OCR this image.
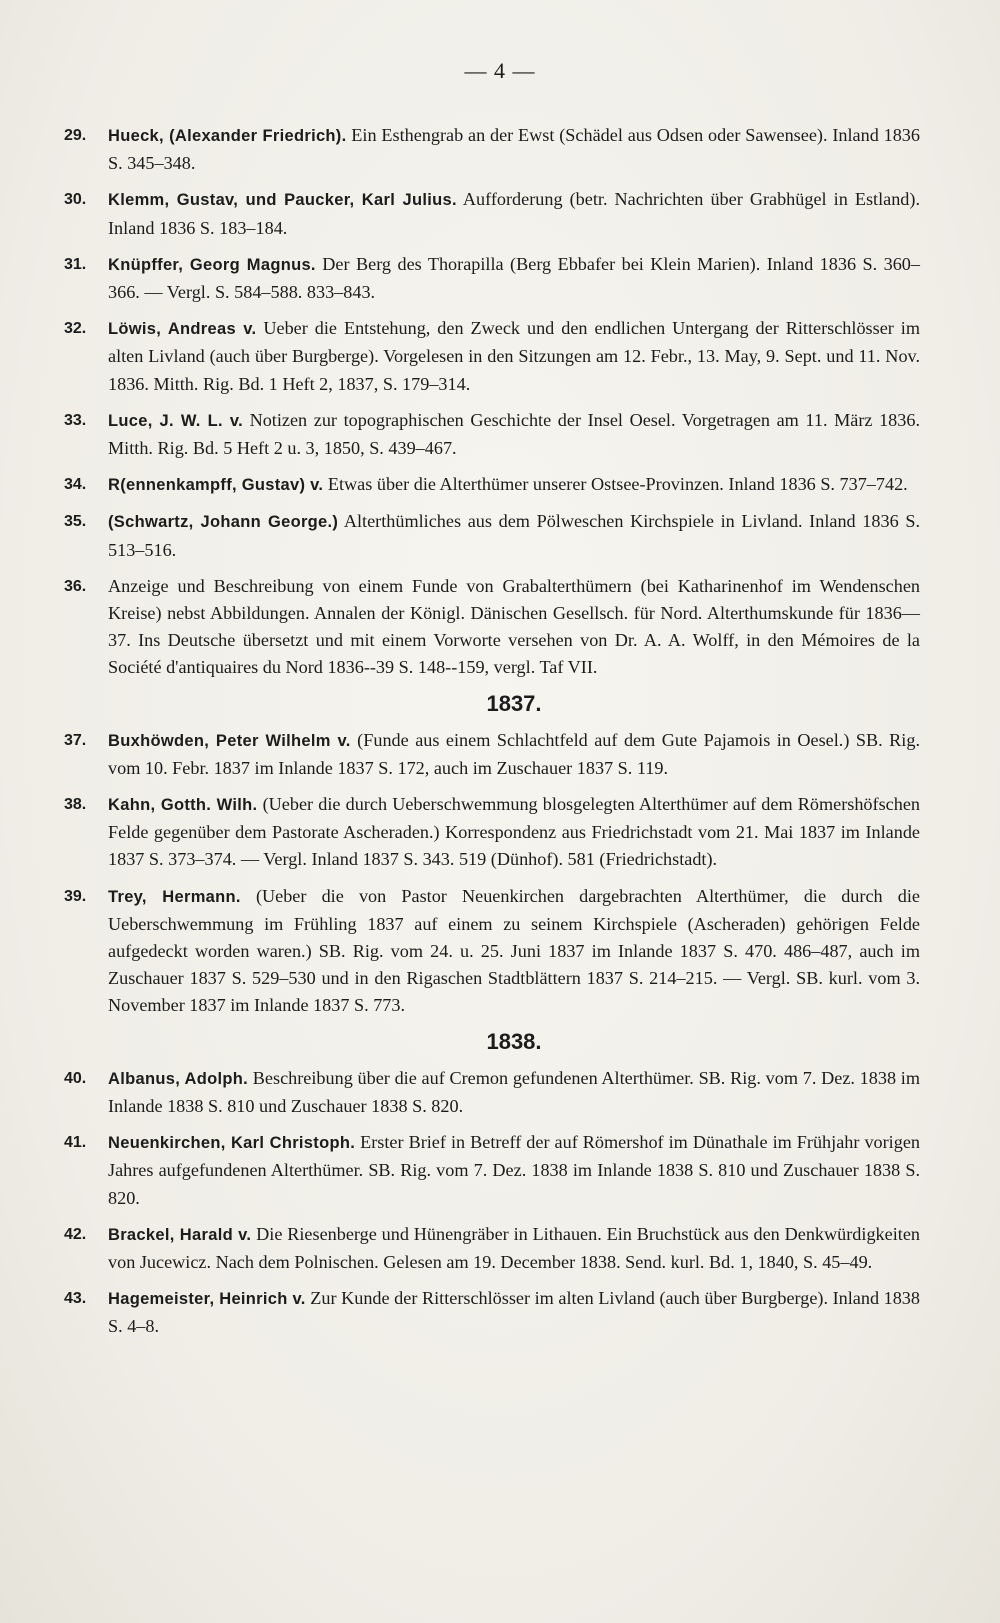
— 4 —
29.	Hueck, (Alexander Friedrich). Ein Esthengrab an der Ewst (Schädel aus Odsen oder Sawensee). Inland 1836 S. 345–348.
30.	Klemm, Gustav, und Paucker, Karl Julius. Aufforderung (betr. Nachrichten über Grabhügel in Estland). Inland 1836 S. 183–184.
31.	Knüpffer, Georg Magnus. Der Berg des Thorapilla (Berg Ebbafer bei Klein Marien). Inland 1836 S. 360–366. — Vergl. S. 584–588. 833–843.
32.	Löwis, Andreas v. Ueber die Entstehung, den Zweck und den endlichen Untergang der Ritterschlösser im alten Livland (auch über Burgberge). Vorgelesen in den Sitzungen am 12. Febr., 13. May, 9. Sept. und 11. Nov. 1836. Mitth. Rig. Bd. 1 Heft 2, 1837, S. 179–314.
33.	Luce, J. W. L. v. Notizen zur topographischen Geschichte der Insel Oesel. Vorgetragen am 11. März 1836. Mitth. Rig. Bd. 5 Heft 2 u. 3, 1850, S. 439–467.
34.	R(ennenkampff, Gustav) v. Etwas über die Alterthümer unserer Ostsee-Provinzen. Inland 1836 S. 737–742.
35.	(Schwartz, Johann George.) Alterthümliches aus dem Pölweschen Kirchspiele in Livland. Inland 1836 S. 513–516.
36.	Anzeige und Beschreibung von einem Funde von Grabalterthümern (bei Katharinenhof im Wendenschen Kreise) nebst Abbildungen. Annalen der Königl. Dänischen Gesellsch. für Nord. Alterthumskunde für 1836—37. Ins Deutsche übersetzt und mit einem Vorworte versehen von Dr. A. A. Wolff, in den Mémoires de la Société d'antiquaires du Nord 1836--39 S. 148--159, vergl. Taf VII.
1837.
37.	Buxhöwden, Peter Wilhelm v. (Funde aus einem Schlachtfeld auf dem Gute Pajamois in Oesel.) SB. Rig. vom 10. Febr. 1837 im Inlande 1837 S. 172, auch im Zuschauer 1837 S. 119.
38.	Kahn, Gotth. Wilh. (Ueber die durch Ueberschwemmung blosgelegten Alterthümer auf dem Römershöfschen Felde gegenüber dem Pastorate Ascheraden.) Korrespondenz aus Friedrichstadt vom 21. Mai 1837 im Inlande 1837 S. 373–374. — Vergl. Inland 1837 S. 343. 519 (Dünhof). 581 (Friedrichstadt).
39.	Trey, Hermann. (Ueber die von Pastor Neuenkirchen dargebrachten Alterthümer, die durch die Ueberschwemmung im Frühling 1837 auf einem zu seinem Kirchspiele (Ascheraden) gehörigen Felde aufgedeckt worden waren.) SB. Rig. vom 24. u. 25. Juni 1837 im Inlande 1837 S. 470. 486–487, auch im Zuschauer 1837 S. 529–530 und in den Rigaschen Stadtblättern 1837 S. 214–215. — Vergl. SB. kurl. vom 3. November 1837 im Inlande 1837 S. 773.
1838.
40.	Albanus, Adolph. Beschreibung über die auf Cremon gefundenen Alterthümer. SB. Rig. vom 7. Dez. 1838 im Inlande 1838 S. 810 und Zuschauer 1838 S. 820.
41.	Neuenkirchen, Karl Christoph. Erster Brief in Betreff der auf Römershof im Dünathale im Frühjahr vorigen Jahres aufgefundenen Alterthümer. SB. Rig. vom 7. Dez. 1838 im Inlande 1838 S. 810 und Zuschauer 1838 S. 820.
42.	Brackel, Harald v. Die Riesenberge und Hünengräber in Lithauen. Ein Bruchstück aus den Denkwürdigkeiten von Jucewicz. Nach dem Polnischen. Gelesen am 19. December 1838. Send. kurl. Bd. 1, 1840, S. 45–49.
43.	Hagemeister, Heinrich v. Zur Kunde der Ritterschlösser im alten Livland (auch über Burgberge). Inland 1838 S. 4–8.
